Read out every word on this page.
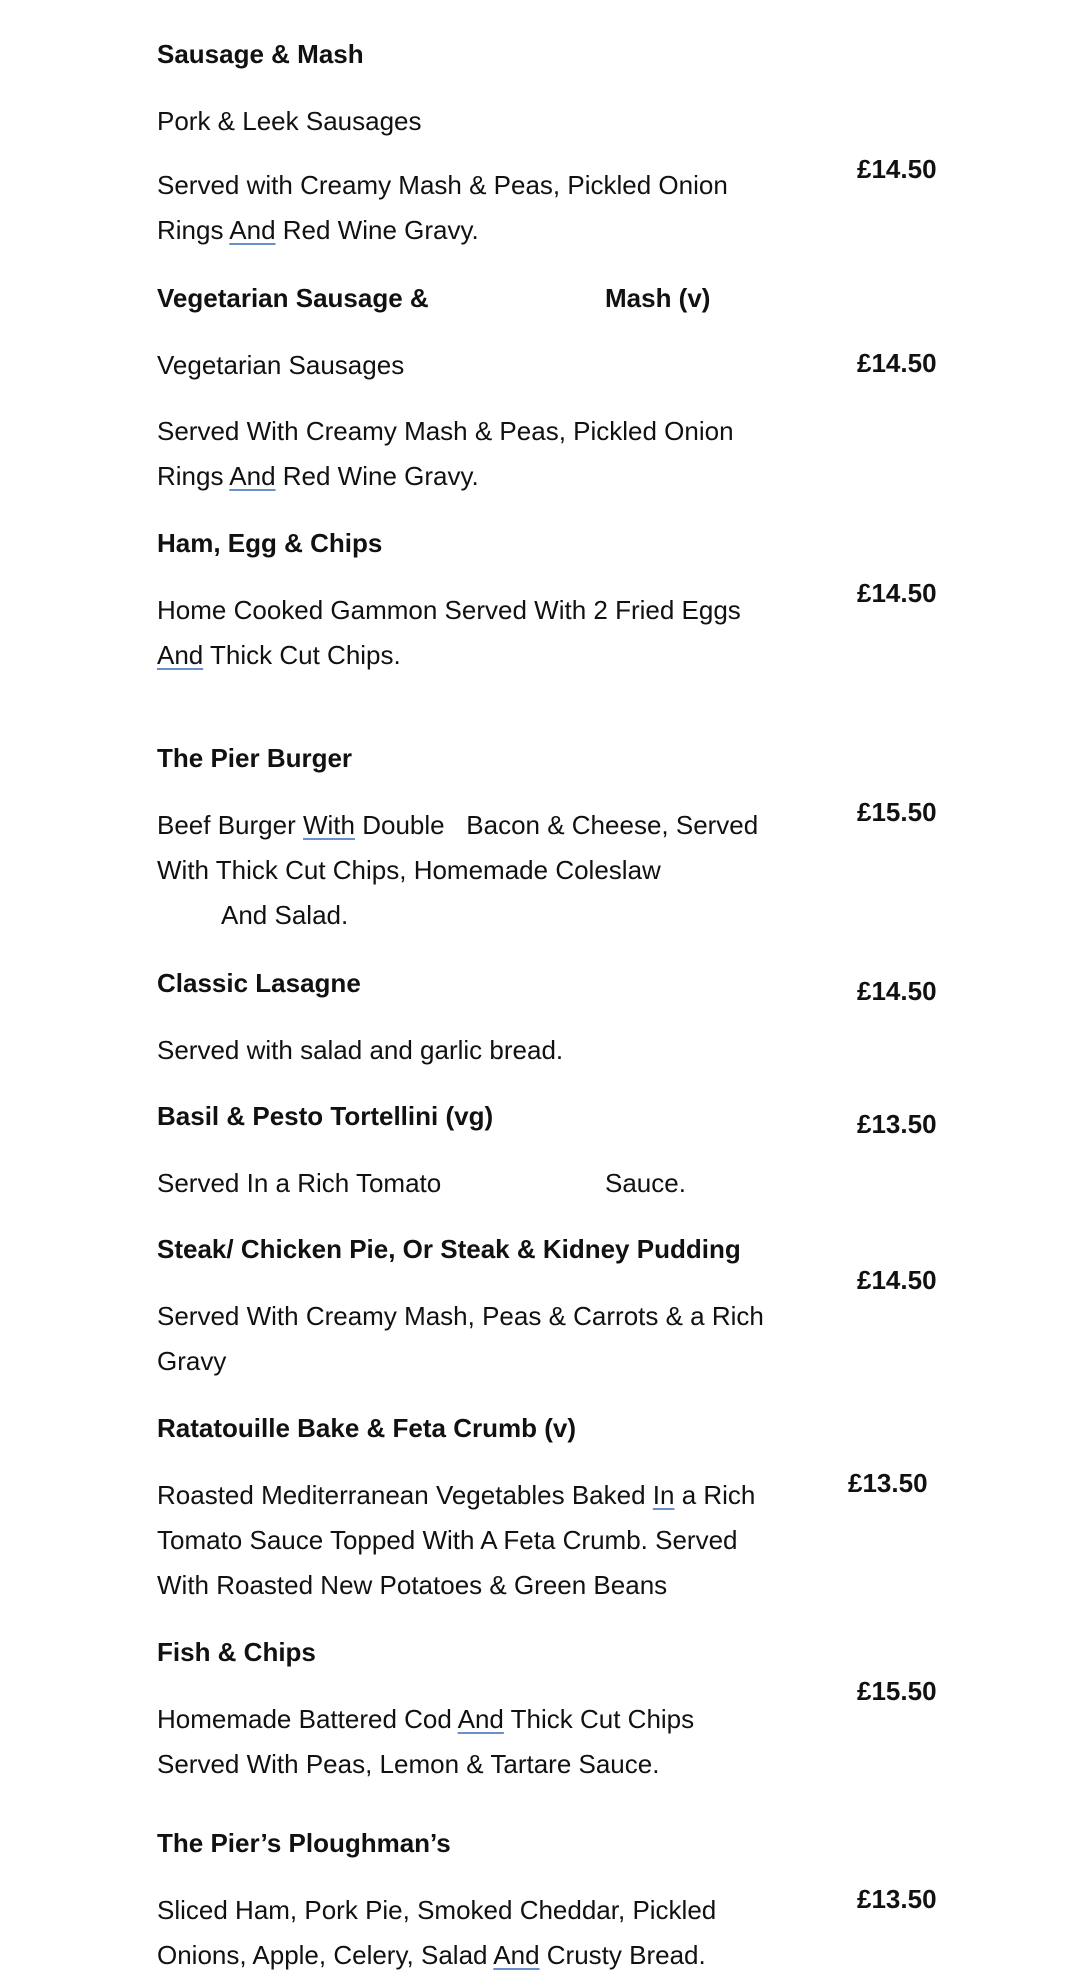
Sausage & Mash

Pork & Leek Sausages

Served with Creamy Mash & Peas, Pickled Onion

Rings And Red Wine Gravy.

£14.50

Vegetarian Sausage &	Mash (v)

Vegetarian Sausages

Served With Creamy Mash & Peas, Pickled Onion

Rings And Red Wine Gravy.

£14.50

Ham, Egg & Chips

Home Cooked Gammon Served With 2 Fried Eggs

And Thick Cut Chips.

£14.50

The Pier Burger

Beef Burger With Double   Bacon & Cheese, Served

With Thick Cut Chips, Homemade Coleslaw

And Salad.

£15.50

Classic Lasagne

Served with salad and garlic bread.

£14.50

Basil & Pesto Tortellini (vg)

Served In a Rich Tomato	Sauce.

£13.50

Steak/ Chicken Pie, Or Steak & Kidney Pudding

Served With Creamy Mash, Peas & Carrots & a Rich

Gravy

£14.50

Ratatouille Bake & Feta Crumb (v)

Roasted Mediterranean Vegetables Baked In a Rich

Tomato Sauce Topped With A Feta Crumb. Served

With Roasted New Potatoes & Green Beans

£13.50

Fish & Chips

Homemade Battered Cod And Thick Cut Chips

Served With Peas, Lemon & Tartare Sauce.

£15.50

The Pier’s Ploughman’s

Sliced Ham, Pork Pie, Smoked Cheddar, Pickled

Onions, Apple, Celery, Salad And Crusty Bread.

£13.50
